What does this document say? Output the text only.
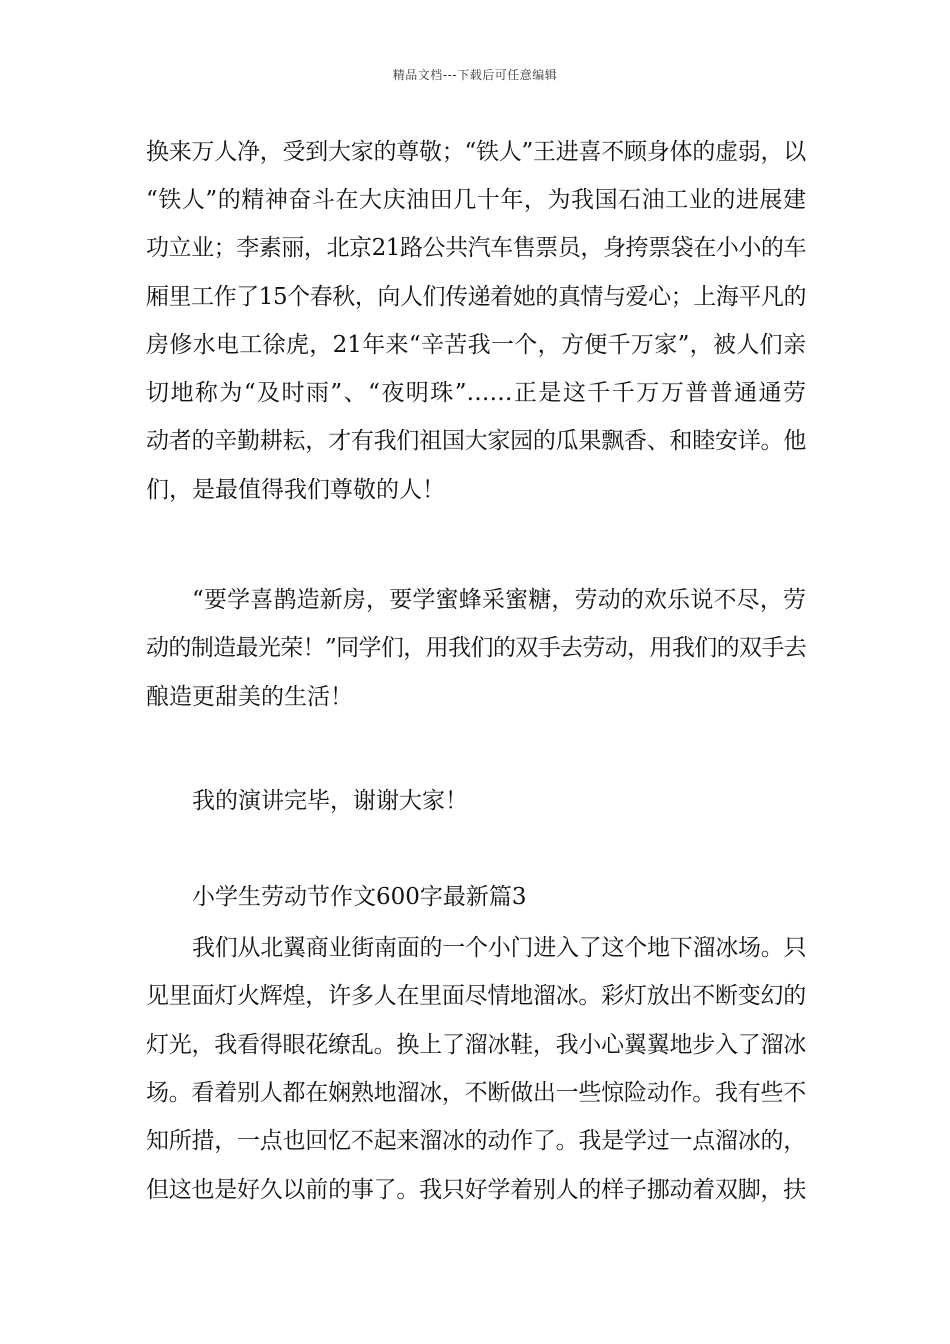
精品文档---下载后可任意编辑
换来万人净，受到大家的尊敬；“铁人”王进喜不顾身体的虚弱，以
“铁人”的精神奋斗在大庆油田几十年，为我国石油工业的进展建
功立业；李素丽，北京21路公共汽车售票员，身挎票袋在小小的车
厢里工作了15个春秋，向人们传递着她的真情与爱心；上海平凡的
房修水电工徐虎，21年来“辛苦我一个，方便千万家”，被人们亲
切地称为“及时雨”、“夜明珠”……正是这千千万万普普通通劳
动者的辛勤耕耘，才有我们祖国大家园的瓜果飘香、和睦安详。他
们，是最值得我们尊敬的人！
“要学喜鹊造新房，要学蜜蜂采蜜糖，劳动的欢乐说不尽，劳
动的制造最光荣！”同学们，用我们的双手去劳动，用我们的双手去
酿造更甜美的生活！
我的演讲完毕，谢谢大家！
小学生劳动节作文600字最新篇3
我们从北翼商业街南面的一个小门进入了这个地下溜冰场。只
见里面灯火辉煌，许多人在里面尽情地溜冰。彩灯放出不断变幻的
灯光，我看得眼花缭乱。换上了溜冰鞋，我小心翼翼地步入了溜冰
场。看着别人都在娴熟地溜冰，不断做出一些惊险动作。我有些不
知所措，一点也回忆不起来溜冰的动作了。我是学过一点溜冰的，
但这也是好久以前的事了。我只好学着别人的样子挪动着双脚，扶
